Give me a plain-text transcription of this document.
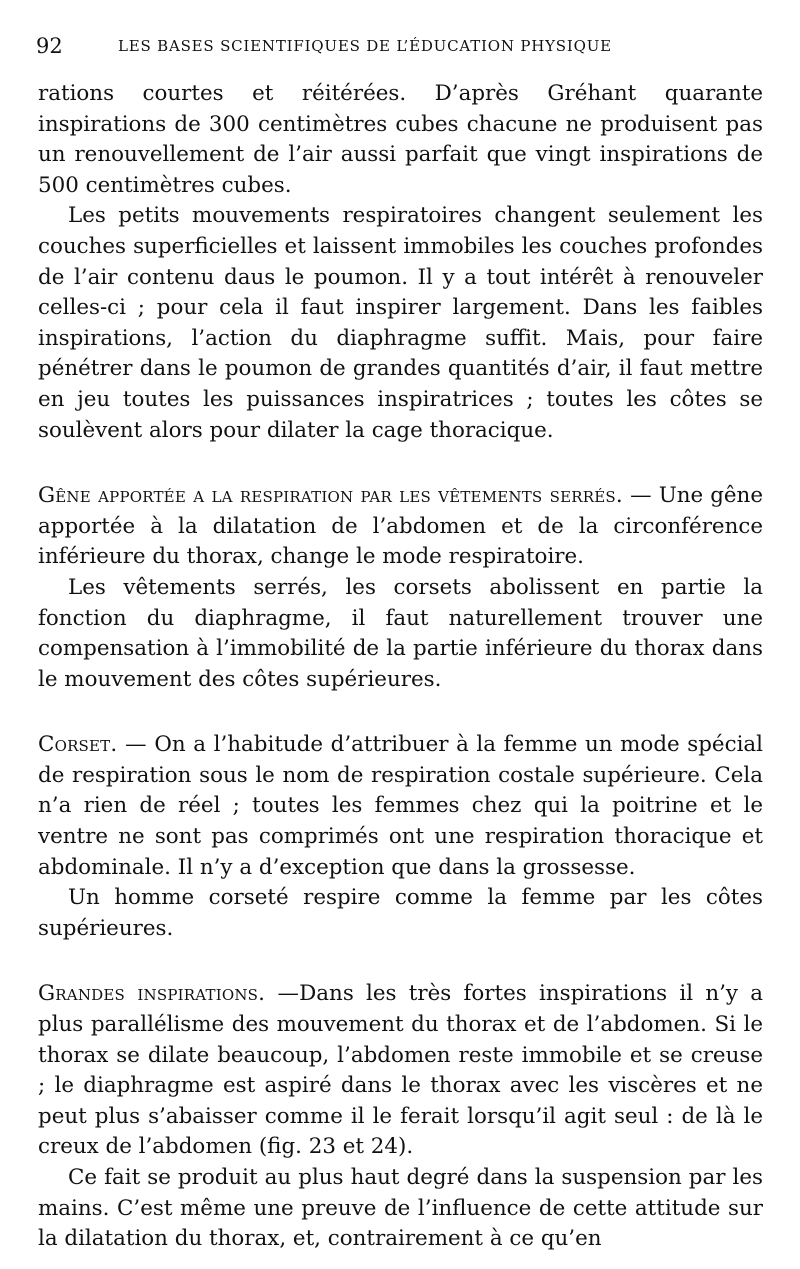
92	LES BASES SCIENTIFIQUES DE L’ÉDUCATION PHYSIQUE

rations courtes et réitérées. D’après Gréhant quarante inspirations de 300 centimètres cubes chacune ne produisent pas un renouvellement de l’air aussi parfait que vingt inspirations de 500 centimètres cubes.

Les petits mouvements respiratoires changent seulement les couches superficielles et laissent immobiles les couches profondes de l’air contenu daus le poumon. Il y a tout intérêt à renouveler celles-ci ; pour cela il faut inspirer largement. Dans les faibles inspirations, l’action du diaphragme suffit. Mais, pour faire pénétrer dans le poumon de grandes quantités d’air, il faut mettre en jeu toutes les puissances inspiratrices ; toutes les côtes se soulèvent alors pour dilater la cage thoracique.

Gêne apportée a la respiration par les vêtements serrés. — Une gêne apportée à la dilatation de l’abdomen et de la circonférence inférieure du thorax, change le mode respiratoire.

Les vêtements serrés, les corsets abolissent en partie la fonction du diaphragme, il faut naturellement trouver une compensation à l’immobilité de la partie inférieure du thorax dans le mouvement des côtes supérieures.

Corset. — On a l’habitude d’attribuer à la femme un mode spécial de respiration sous le nom de respiration costale supérieure. Cela n’a rien de réel ; toutes les femmes chez qui la poitrine et le ventre ne sont pas comprimés ont une respiration thoracique et abdominale. Il n’y a d’exception que dans la grossesse.

Un homme corseté respire comme la femme par les côtes supérieures.

Grandes inspirations. —Dans les très fortes inspirations il n’y a plus parallélisme des mouvement du thorax et de l’abdomen. Si le thorax se dilate beaucoup, l’abdomen reste immobile et se creuse ; le diaphragme est aspiré dans le thorax avec les viscères et ne peut plus s’abaisser comme il le ferait lorsqu’il agit seul : de là le creux de l’abdomen (fig. 23 et 24).

Ce fait se produit au plus haut degré dans la suspension par les mains. C’est même une preuve de l’influence de cette attitude sur la dilatation du thorax, et, contrairement à ce qu’en
